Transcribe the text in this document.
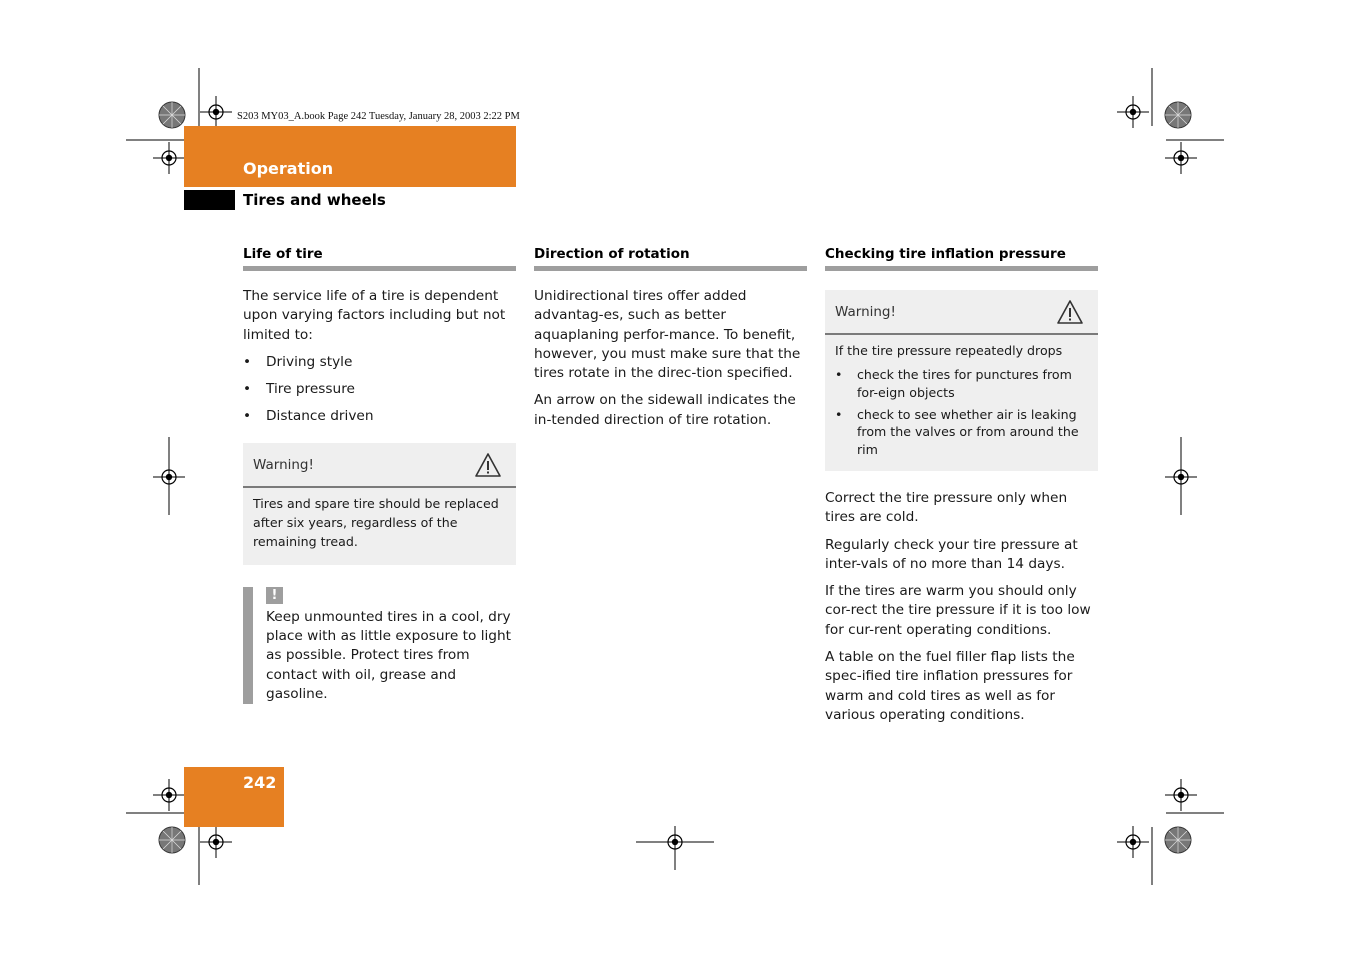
S203 MY03_A.book Page 242 Tuesday, January 28, 2003 2:22 PM
Operation
Tires and wheels
Life of tire

The service life of a tire is dependent upon varying factors including but not limited to:

• Driving style
• Tire pressure
• Distance driven
Warning!

Tires and spare tire should be replaced after six years, regardless of the remaining tread.

!

Keep unmounted tires in a cool, dry place with as little exposure to light as possible. Protect tires from contact with oil, grease and gasoline.

Direction of rotation

Unidirectional tires offer added advantag-es, such as better aquaplaning perfor-mance. To benefit, however, you must make sure that the tires rotate in the direc-tion specified.

An arrow on the sidewall indicates the in-tended direction of tire rotation.

Checking tire inflation pressure
Warning!

If the tire pressure repeatedly drops

• check the tires for punctures from for-eign objects
• check to see whether air is leaking from the valves or from around the rim

Correct the tire pressure only when tires are cold.

Regularly check your tire pressure at inter-vals of no more than 14 days.

If the tires are warm you should only cor-rect the tire pressure if it is too low for cur-rent operating conditions.

A table on the fuel filler flap lists the spec-ified tire inflation pressures for warm and cold tires as well as for various operating conditions.

242
